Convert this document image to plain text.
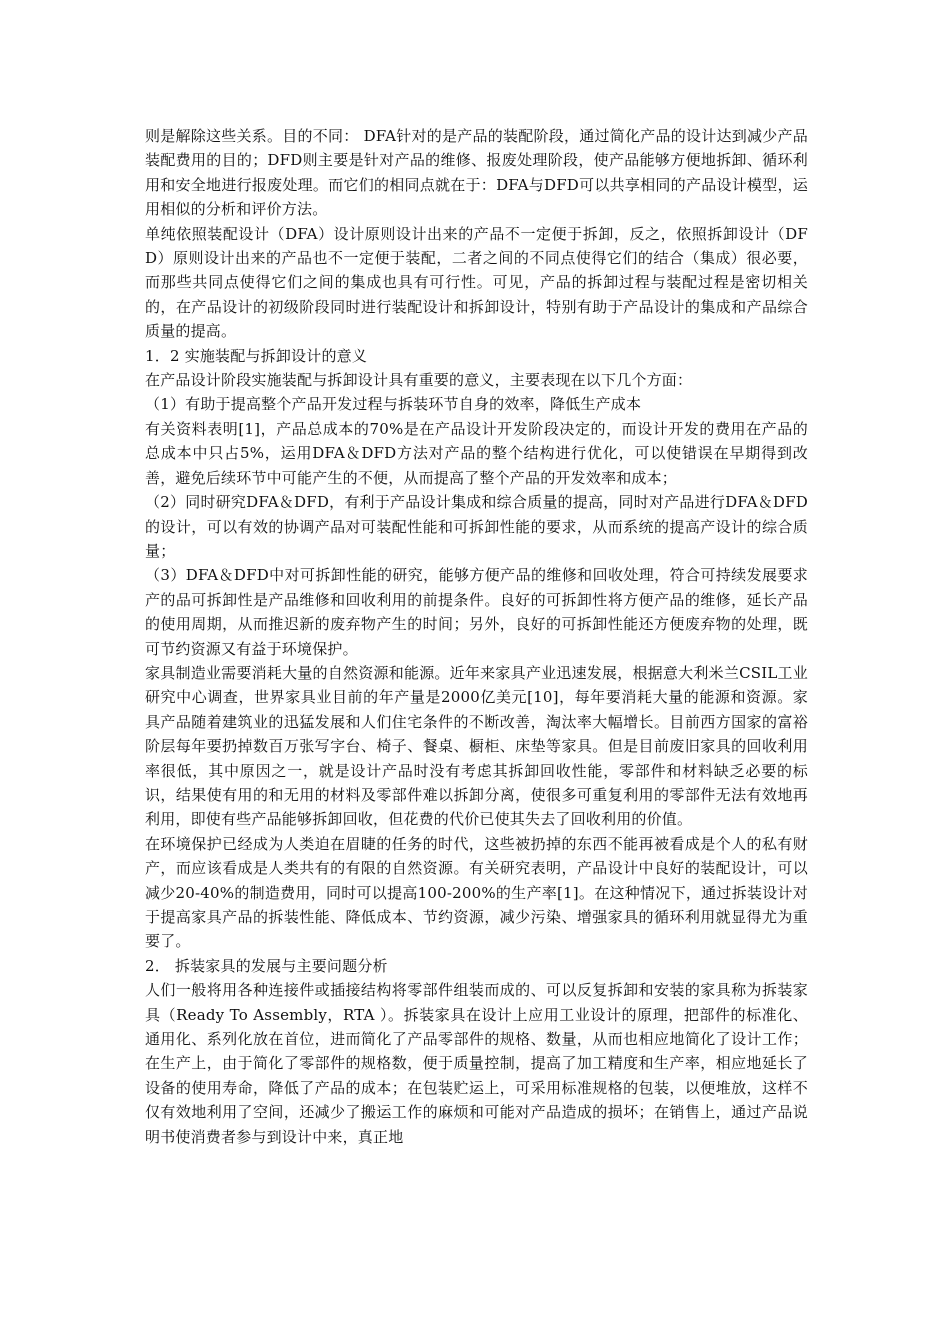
则是解除这些关系。目的不同： DFA针对的是产品的装配阶段，通过简化产品的设计达到减少产品装配费用的目的；DFD则主要是针对产品的维修、报废处理阶段，使产品能够方便地拆卸、循环利用和安全地进行报废处理。而它们的相同点就在于：DFA与DFD可以共享相同的产品设计模型，运用相似的分析和评价方法。

单纯依照装配设计（DFA）设计原则设计出来的产品不一定便于拆卸，反之，依照拆卸设计（DFD）原则设计出来的产品也不一定便于装配，二者之间的不同点使得它们的结合（集成）很必要，而那些共同点使得它们之间的集成也具有可行性。可见，产品的拆卸过程与装配过程是密切相关的，在产品设计的初级阶段同时进行装配设计和拆卸设计，特别有助于产品设计的集成和产品综合质量的提高。

1．2 实施装配与拆卸设计的意义

在产品设计阶段实施装配与拆卸设计具有重要的意义，主要表现在以下几个方面：

（1）有助于提高整个产品开发过程与拆装环节自身的效率，降低生产成本

有关资料表明[1]，产品总成本的70%是在产品设计开发阶段决定的，而设计开发的费用在产品的总成本中只占5%，运用DFA＆DFD方法对产品的整个结构进行优化，可以使错误在早期得到改善，避免后续环节中可能产生的不便，从而提高了整个产品的开发效率和成本；

（2）同时研究DFA＆DFD，有利于产品设计集成和综合质量的提高，同时对产品进行DFA＆DFD的设计，可以有效的协调产品对可装配性能和可拆卸性能的要求，从而系统的提高产设计的综合质量；

（3）DFA＆DFD中对可拆卸性能的研究，能够方便产品的维修和回收处理，符合可持续发展要求产的品可拆卸性是产品维修和回收利用的前提条件。良好的可拆卸性将方便产品的维修，延长产品的使用周期，从而推迟新的废弃物产生的时间；另外，良好的可拆卸性能还方便废弃物的处理，既可节约资源又有益于环境保护。

家具制造业需要消耗大量的自然资源和能源。近年来家具产业迅速发展，根据意大利米兰CSIL工业研究中心调查，世界家具业目前的年产量是2000亿美元[10]，每年要消耗大量的能源和资源。家具产品随着建筑业的迅猛发展和人们住宅条件的不断改善，淘汰率大幅增长。目前西方国家的富裕阶层每年要扔掉数百万张写字台、椅子、餐桌、橱柜、床垫等家具。但是目前废旧家具的回收利用率很低，其中原因之一，就是设计产品时没有考虑其拆卸回收性能，零部件和材料缺乏必要的标识，结果使有用的和无用的材料及零部件难以拆卸分离，使很多可重复利用的零部件无法有效地再利用，即使有些产品能够拆卸回收，但花费的代价已使其失去了回收利用的价值。

在环境保护已经成为人类迫在眉睫的任务的时代，这些被扔掉的东西不能再被看成是个人的私有财产，而应该看成是人类共有的有限的自然资源。有关研究表明，产品设计中良好的装配设计，可以减少20-40%的制造费用，同时可以提高100-200%的生产率[1]。在这种情况下，通过拆装设计对于提高家具产品的拆装性能、降低成本、节约资源，减少污染、增强家具的循环利用就显得尤为重要了。

2． 拆装家具的发展与主要问题分析

人们一般将用各种连接件或插接结构将零部件组装而成的、可以反复拆卸和安装的家具称为拆装家具（Ready To Assembly，RTA ）。拆装家具在设计上应用工业设计的原理，把部件的标准化、通用化、系列化放在首位，进而简化了产品零部件的规格、数量，从而也相应地简化了设计工作；在生产上，由于简化了零部件的规格数，便于质量控制，提高了加工精度和生产率，相应地延长了设备的使用寿命，降低了产品的成本；在包装贮运上，可采用标准规格的包装，以便堆放，这样不仅有效地利用了空间，还减少了搬运工作的麻烦和可能对产品造成的损坏；在销售上，通过产品说明书使消费者参与到设计中来，真正地
